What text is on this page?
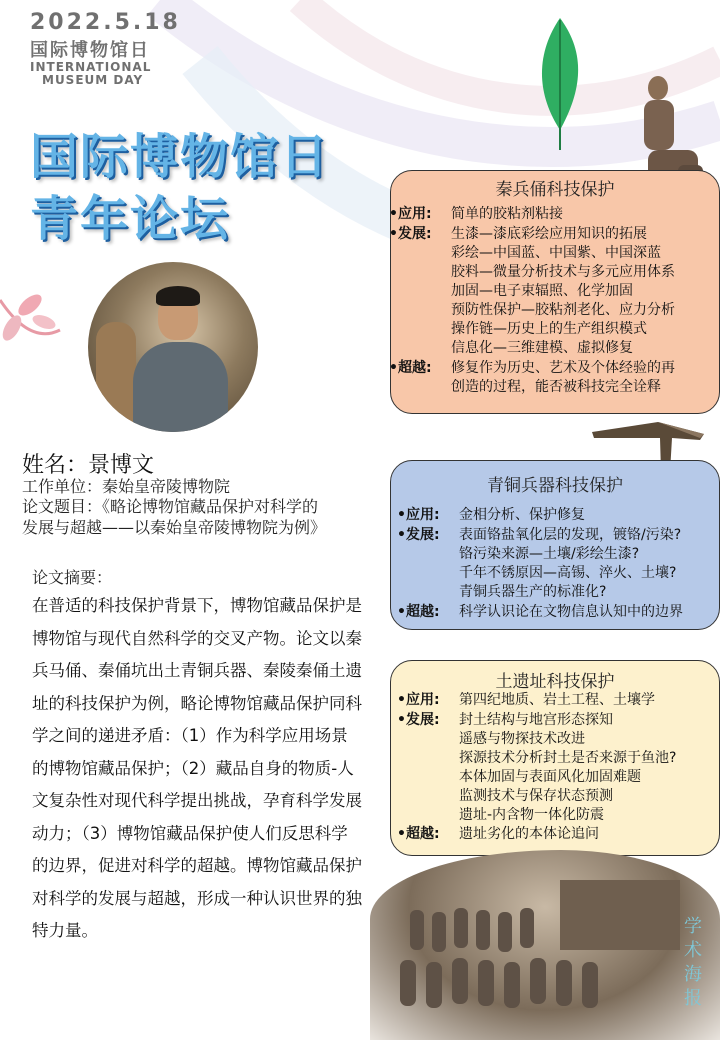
2022.5.18
国际博物馆日
INTERNATIONAL
MUSEUM DAY
国际博物馆日
青年论坛
姓名：景博文
工作单位：秦始皇帝陵博物院
论文题目：《略论博物馆藏品保护对科学的
发展与超越——以秦始皇帝陵博物院为例》
论文摘要：
在普适的科技保护背景下，博物馆藏品保护是博物馆与现代自然科学的交叉产物。论文以秦兵马俑、秦俑坑出土青铜兵器、秦陵秦俑土遗址的科技保护为例，略论博物馆藏品保护同科学之间的递进矛盾：（1）作为科学应用场景的博物馆藏品保护；（2）藏品自身的物质-人文复杂性对现代科学提出挑战，孕育科学发展动力；（3）博物馆藏品保护使人们反思科学的边界，促进对科学的超越。博物馆藏品保护对科学的发展与超越，形成一种认识世界的独特力量。
秦兵俑科技保护
•应用: 简单的胶粘剂粘接
•发展: 生漆—漆底彩绘应用知识的拓展
彩绘—中国蓝、中国紫、中国深蓝
胶料—微量分析技术与多元应用体系
加固—电子束辐照、化学加固
预防性保护—胶粘剂老化、应力分析
操作链—历史上的生产组织模式
信息化—三维建模、虚拟修复
•超越: 修复作为历史、艺术及个体经验的再
创造的过程，能否被科技完全诠释
青铜兵器科技保护
•应用: 金相分析、保护修复
•发展: 表面铬盐氧化层的发现，镀铬/污染?
铬污染来源—土壤/彩绘生漆?
千年不锈原因—高锡、淬火、土壤?
青铜兵器生产的标准化?
•超越: 科学认识论在文物信息认知中的边界
土遗址科技保护
•应用: 第四纪地质、岩土工程、土壤学
•发展: 封土结构与地宫形态探知
遥感与物探技术改进
探源技术分析封土是否来源于鱼池?
本体加固与表面风化加固难题
监测技术与保存状态预测
遗址-内含物一体化防震
•超越: 遗址劣化的本体论追问
学术海报
